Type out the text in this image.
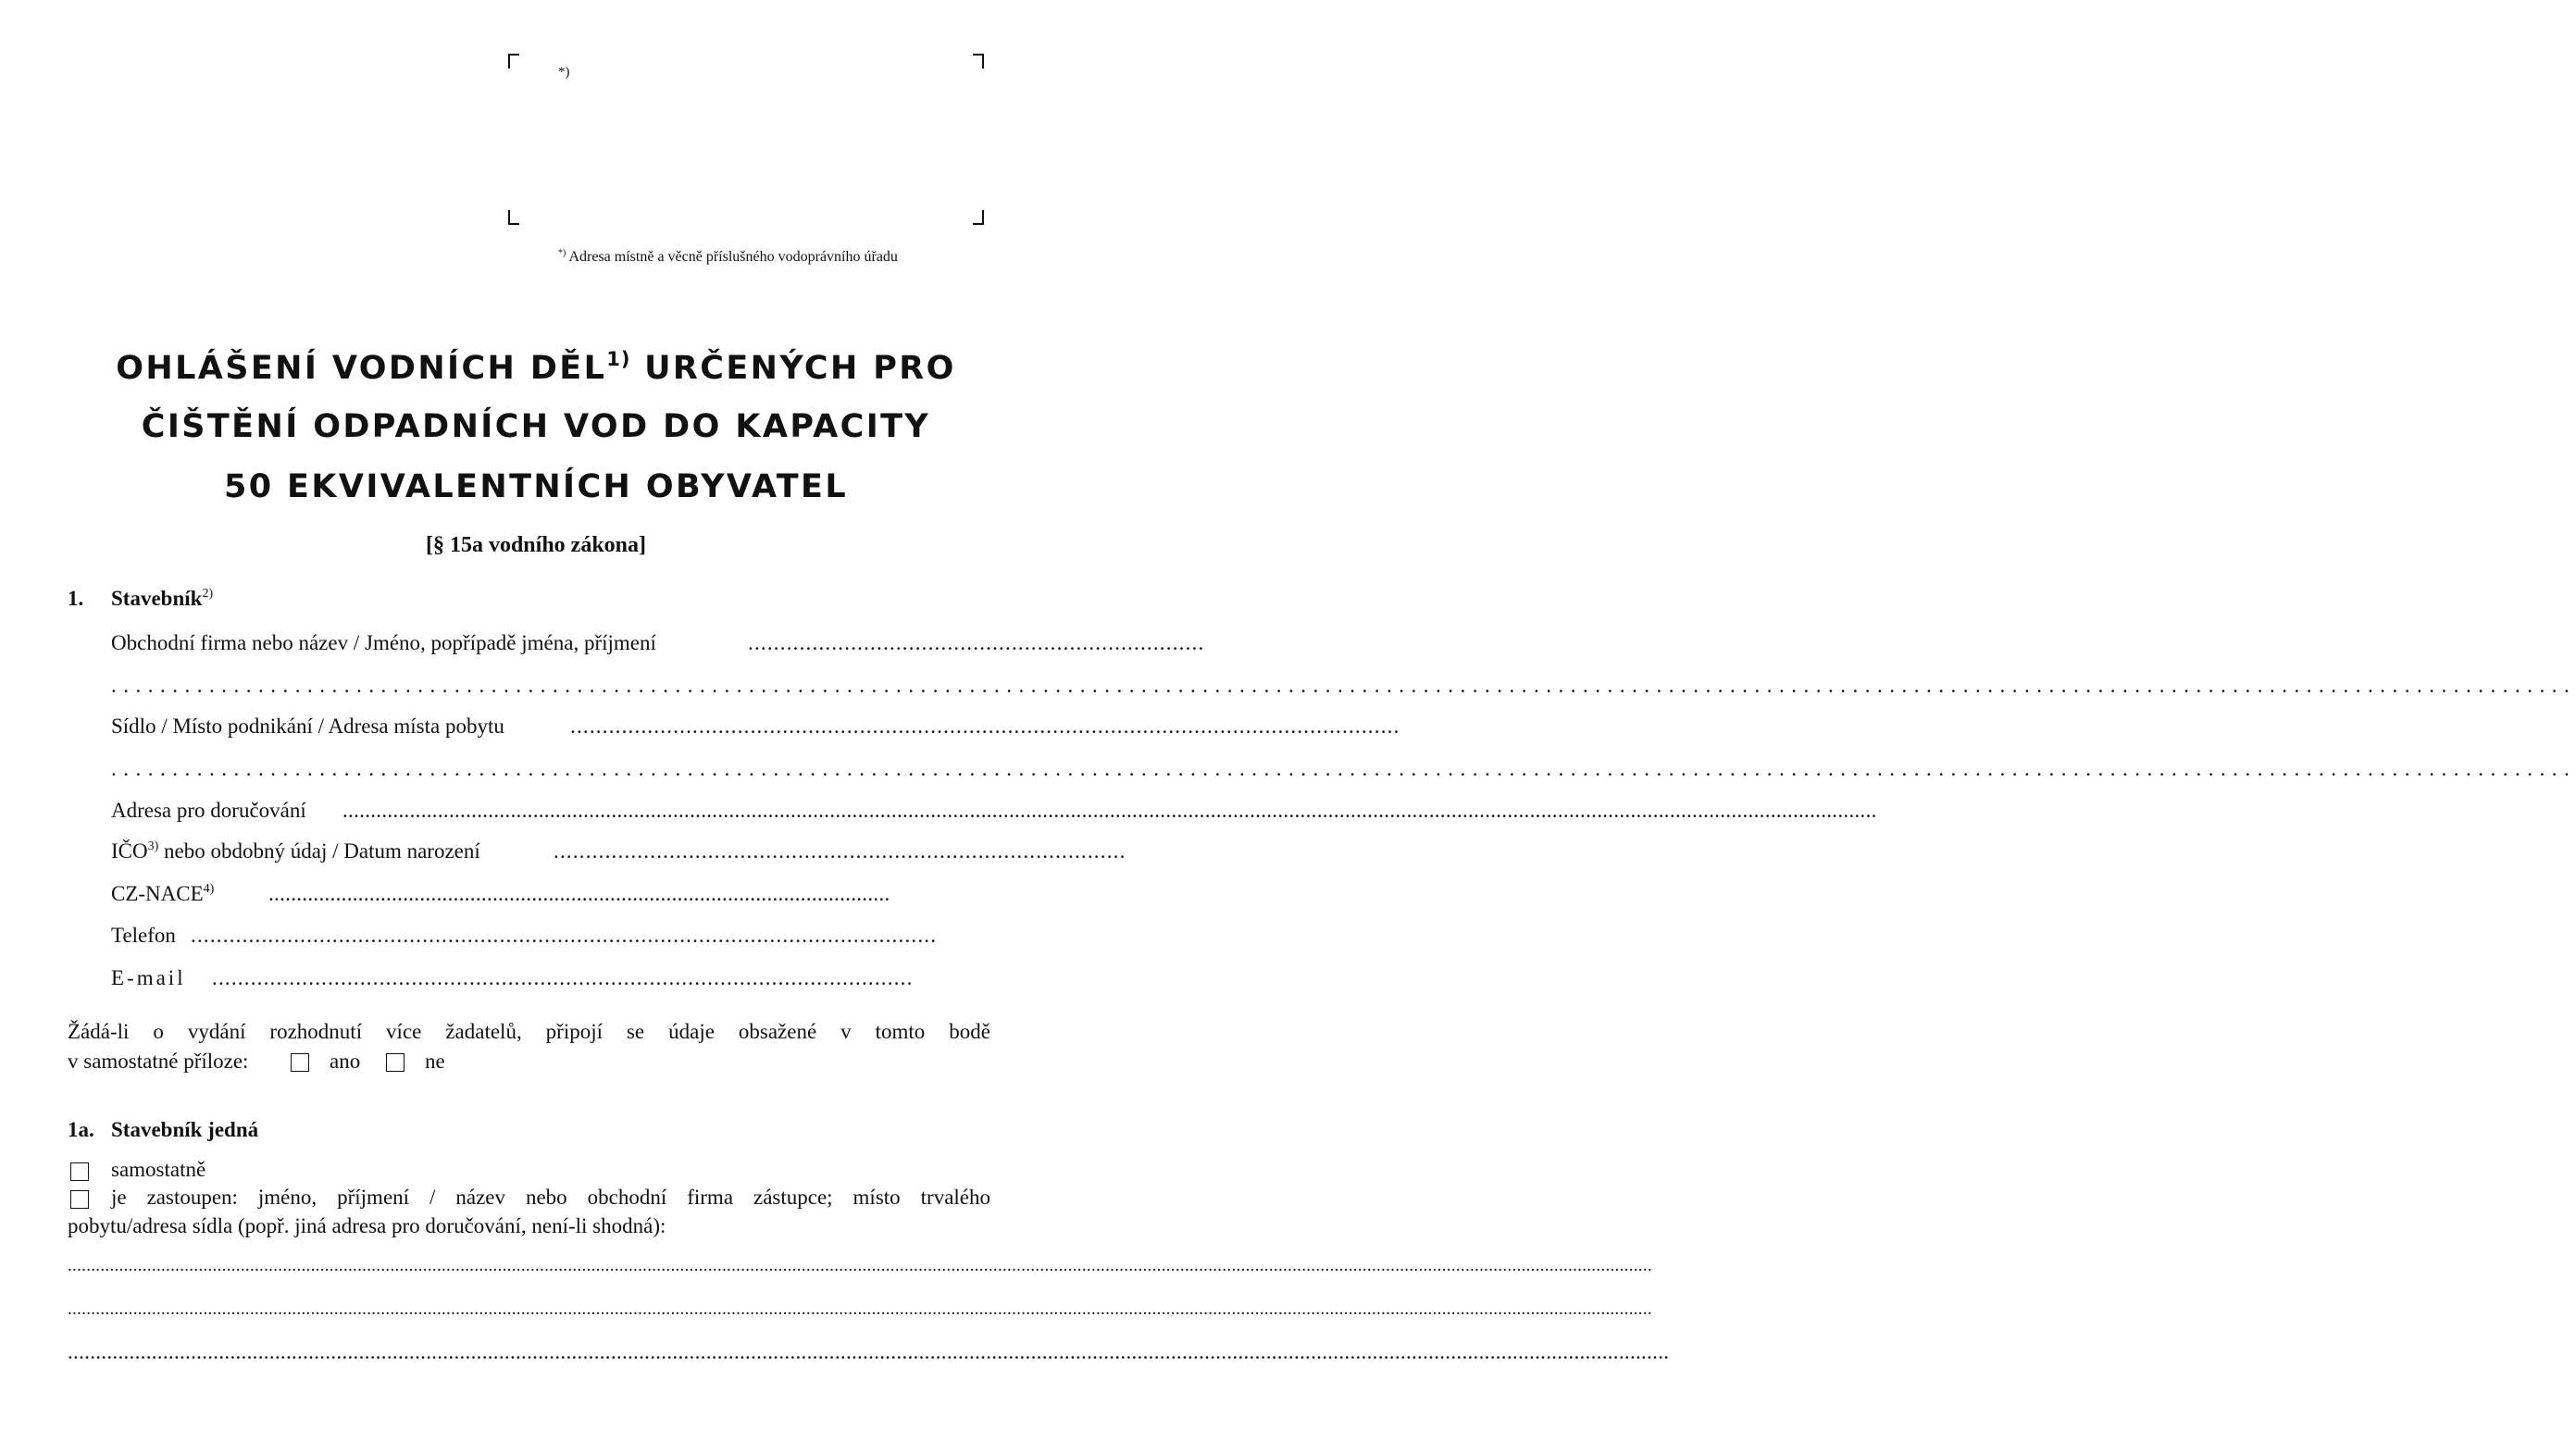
*)
*) Adresa místně a věcně příslušného vodoprávního úřadu
OHLÁŠENÍ VODNÍCH DĚL$^{1)}$ URČENÝCH PRO
ČIŠTĚNÍ ODPADNÍCH VOD DO KAPACITY
50 EKVIVALENTNÍCH OBYVATEL
[§ 15a vodního zákona]
1. Stavebník$^{2)}$
Obchodní firma nebo název / Jméno, popřípadě jména, příjmení	.......................................................................
.........................................................................................................................................................................................................
Sídlo / Místo podnikání / Adresa místa pobytu	.................................................................................................................................
.........................................................................................................................................................................................................
Adresa pro doručování ..................................................................................................................................................................................................................................................................................
IČO$^{3)}$ nebo obdobný údaj / Datum narození	.........................................................................................
CZ-NACE$^{4)}$	...............................................................................................................
Telefon ....................................................................................................................
E-mail .............................................................................................................
Žádá-li o vydání rozhodnutí více žadatelů, připojí se údaje obsažené v tomto bodě
v samostatné příloze:	ano	ne
1a. Stavebník jedná
samostatně
je zastoupen: jméno, příjmení / název nebo obchodní firma zástupce; místo trvalého
pobytu/adresa sídla (popř. jiná adresa pro doručování, není-li shodná):
...................................................................................................................................................................................................................................................................................................................................................
...................................................................................................................................................................................................................................................................................................................................................
..............................................................................................................................................................................................................................................................................................
